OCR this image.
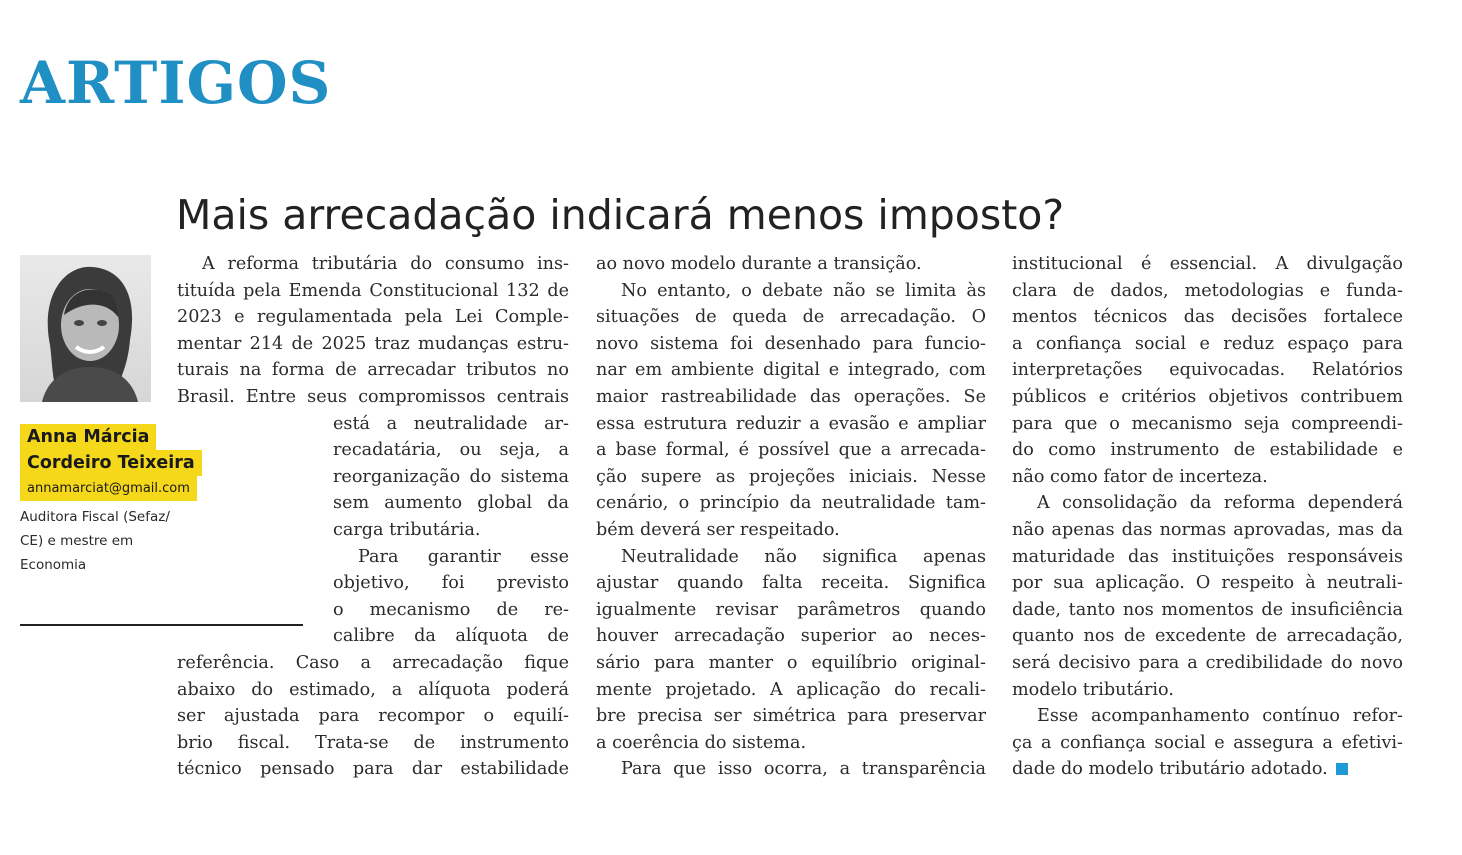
ARTIGOS
Mais arrecadação indicará menos imposto?
Anna Márcia
Cordeiro Teixeira
annamarciat@gmail.com
Auditora Fiscal (Sefaz/
CE) e mestre em
Economia

A reforma tributária do consumo ins-

tituída pela Emenda Constitucional 132 de

2023 e regulamentada pela Lei Comple-

mentar 214 de 2025 traz mudanças estru-

turais na forma de arrecadar tributos no

Brasil. Entre seus compromissos centrais

está a neutralidade ar-

recadatária, ou seja, a

reorganização do sistema

sem aumento global da

carga tributária.

Para garantir esse

objetivo, foi previsto

o mecanismo de re-

calibre da alíquota de

referência. Caso a arrecadação fique

abaixo do estimado, a alíquota poderá

ser ajustada para recompor o equilí-

brio fiscal. Trata-se de instrumento

técnico pensado para dar estabilidade

ao novo modelo durante a transição.

No entanto, o debate não se limita às

situações de queda de arrecadação. O

novo sistema foi desenhado para funcio-

nar em ambiente digital e integrado, com

maior rastreabilidade das operações. Se

essa estrutura reduzir a evasão e ampliar

a base formal, é possível que a arrecada-

ção supere as projeções iniciais. Nesse

cenário, o princípio da neutralidade tam-

bém deverá ser respeitado.

Neutralidade não significa apenas

ajustar quando falta receita. Significa

igualmente revisar parâmetros quando

houver arrecadação superior ao neces-

sário para manter o equilíbrio original-

mente projetado. A aplicação do recali-

bre precisa ser simétrica para preservar

a coerência do sistema.

Para que isso ocorra, a transparência

institucional é essencial. A divulgação

clara de dados, metodologias e funda-

mentos técnicos das decisões fortalece

a confiança social e reduz espaço para

interpretações equivocadas. Relatórios

públicos e critérios objetivos contribuem

para que o mecanismo seja compreendi-

do como instrumento de estabilidade e

não como fator de incerteza.

A consolidação da reforma dependerá

não apenas das normas aprovadas, mas da

maturidade das instituições responsáveis

por sua aplicação. O respeito à neutrali-

dade, tanto nos momentos de insuficiência

quanto nos de excedente de arrecadação,

será decisivo para a credibilidade do novo

modelo tributário.

Esse acompanhamento contínuo refor-

ça a confiança social e assegura a efetivi-

dade do modelo tributário adotado.
